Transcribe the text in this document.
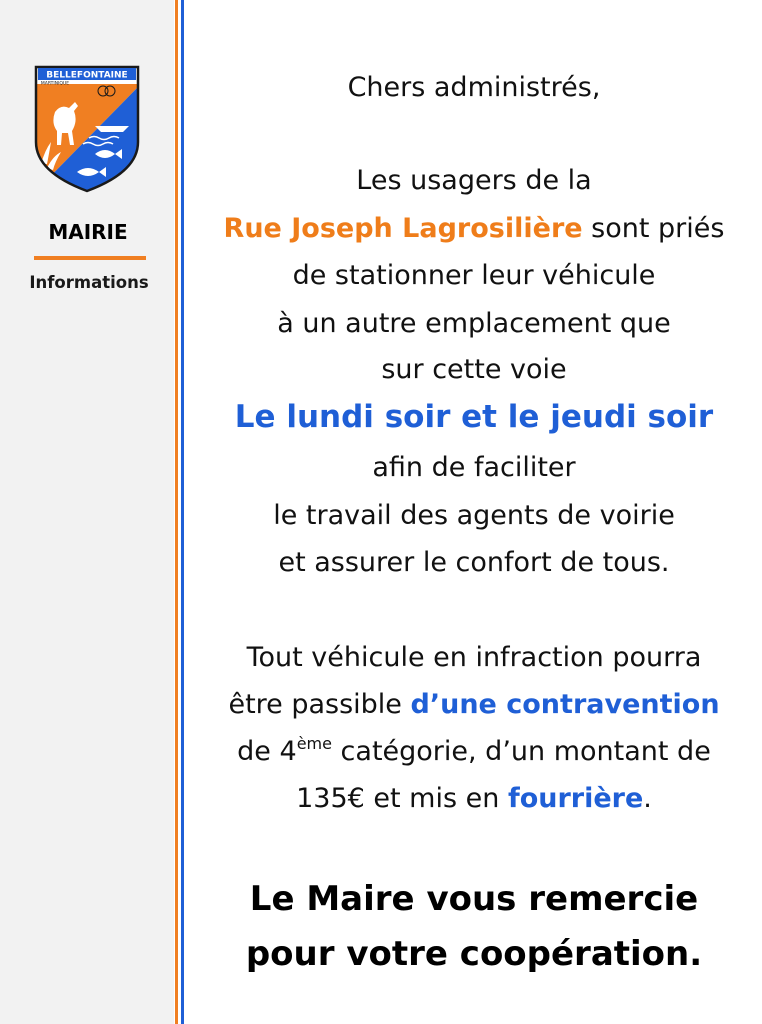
BELLEFONTAINE
MARTINIQUE
MAIRIE
Informations
Chers administrés,
Les usagers de la
Rue Joseph Lagrosilière sont priés
de stationner leur véhicule
à un autre emplacement que
sur cette voie
Le lundi soir et le jeudi soir
afin de faciliter
le travail des agents de voirie
et assurer le confort de tous.
Tout véhicule en infraction pourra
être passible d’une contravention
de 4ème catégorie, d’un montant de
135€ et mis en fourrière.
Le Maire vous remercie
pour votre coopération.
